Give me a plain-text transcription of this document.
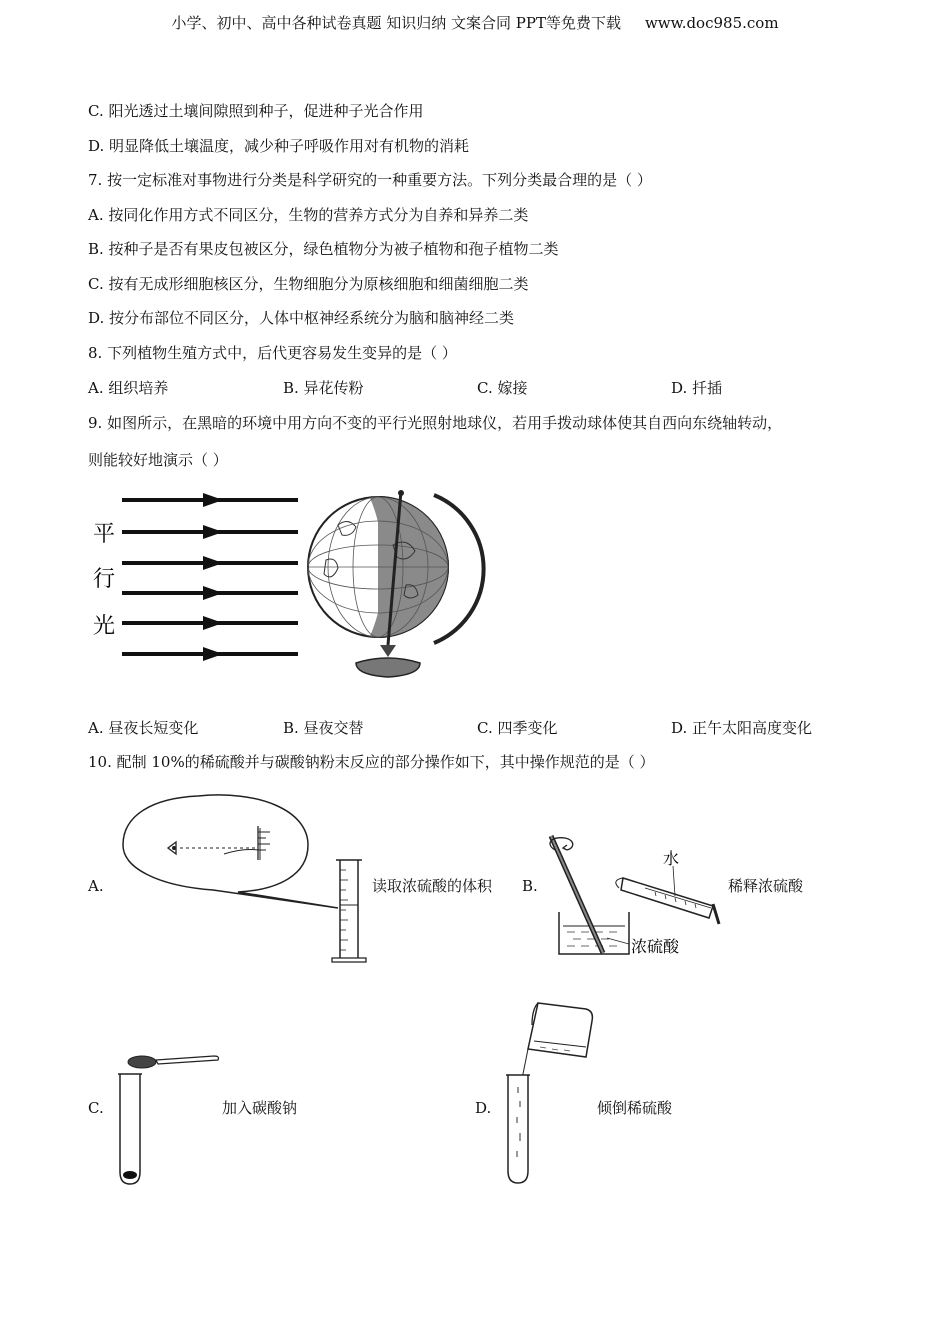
小学、初中、高中各种试卷真题 知识归纳 文案合同 PPT等免费下载 www.doc985.com
C. 阳光透过土壤间隙照到种子，促进种子光合作用
D. 明显降低土壤温度，减少种子呼吸作用对有机物的消耗
7. 按一定标准对事物进行分类是科学研究的一种重要方法。下列分类最合理的是（ ）
A. 按同化作用方式不同区分，生物的营养方式分为自养和异养二类
B. 按种子是否有果皮包被区分，绿色植物分为被子植物和孢子植物二类
C. 按有无成形细胞核区分，生物细胞分为原核细胞和细菌细胞二类
D. 按分布部位不同区分，人体中枢神经系统分为脑和脑神经二类
8. 下列植物生殖方式中，后代更容易发生变异的是（ ）
A. 组织培养	B. 异花传粉	C. 嫁接	D. 扦插
9. 如图所示，在黑暗的环境中用方向不变的平行光照射地球仪，若用手拨动球体使其自西向东绕轴转动，
则能较好地演示（ ）
平
行
光
A. 昼夜长短变化	B. 昼夜交替	C. 四季变化	D. 正午太阳高度变化
10. 配制 10%的稀硫酸并与碳酸钠粉末反应的部分操作如下，其中操作规范的是（ ）
A.	读取浓硫酸的体积 B.
水
浓硫酸
稀释浓硫酸
C.	加入碳酸钠	D.	倾倒稀硫酸
